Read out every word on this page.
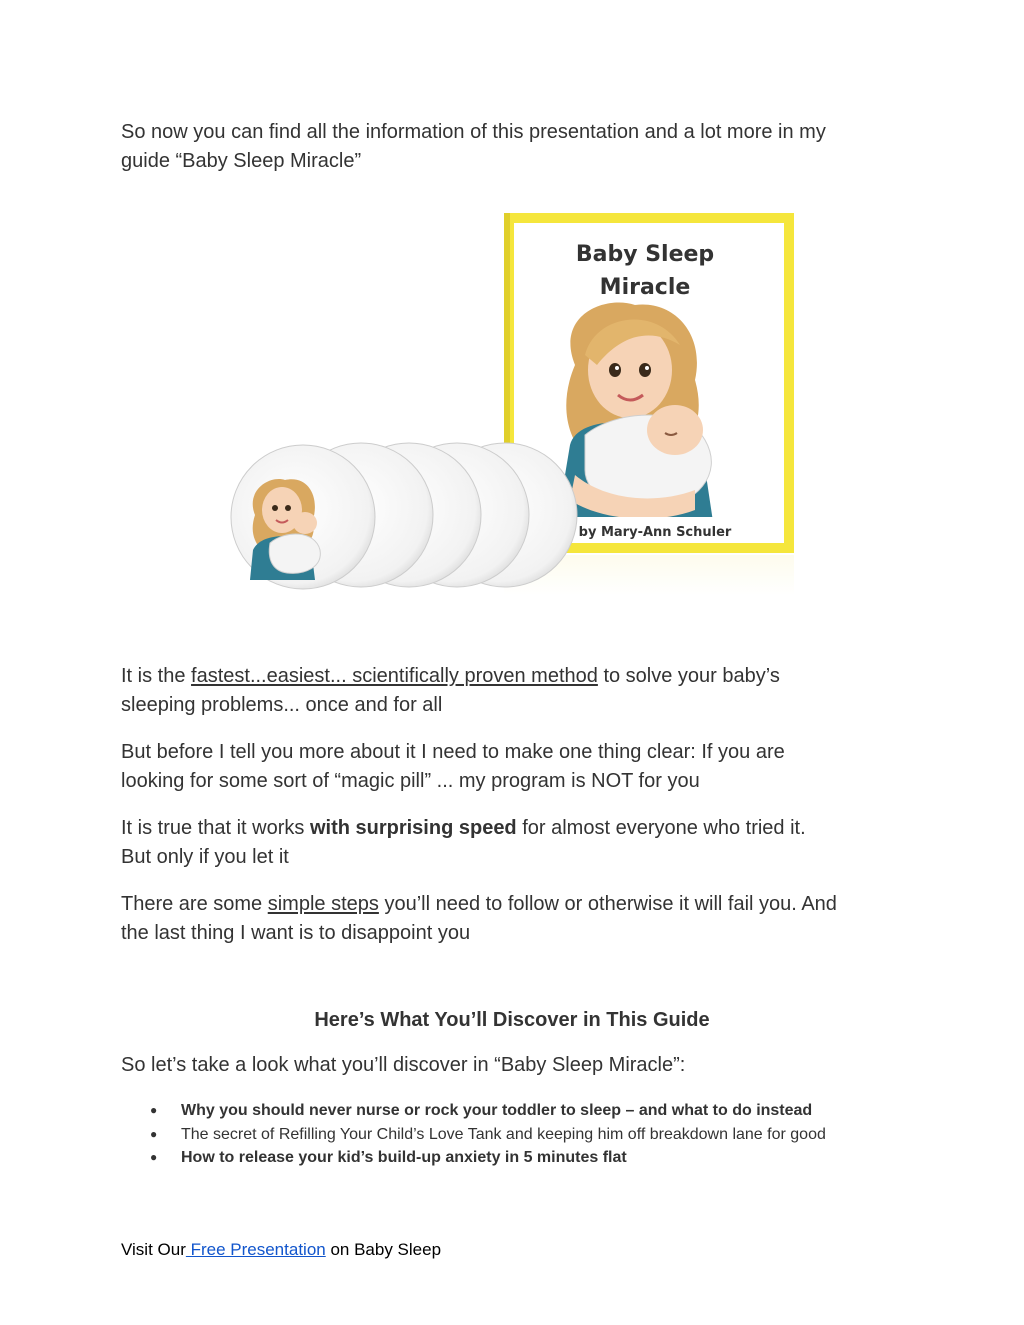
So now you can find all the information of this presentation and a lot more in my
guide “Baby Sleep Miracle”

Baby Sleep
Miracle
by Mary-Ann Schuler

It is the fastest...easiest... scientifically proven method to solve your baby’s
sleeping problems... once and for all

But before I tell you more about it I need to make one thing clear: If you are
looking for some sort of “magic pill” ... my program is NOT for you

It is true that it works with surprising speed for almost everyone who tried it.
But only if you let it

There are some simple steps you’ll need to follow or otherwise it will fail you. And
the last thing I want is to disappoint you

Here’s What You’ll Discover in This Guide

So let’s take a look what you’ll discover in “Baby Sleep Miracle”:

● Why you should never nurse or rock your toddler to sleep – and what to do instead
● The secret of Refilling Your Child’s Love Tank and keeping him off breakdown lane for good
● How to release your kid’s build-up anxiety in 5 minutes flat
Visit Our Free Presentation on Baby Sleep
